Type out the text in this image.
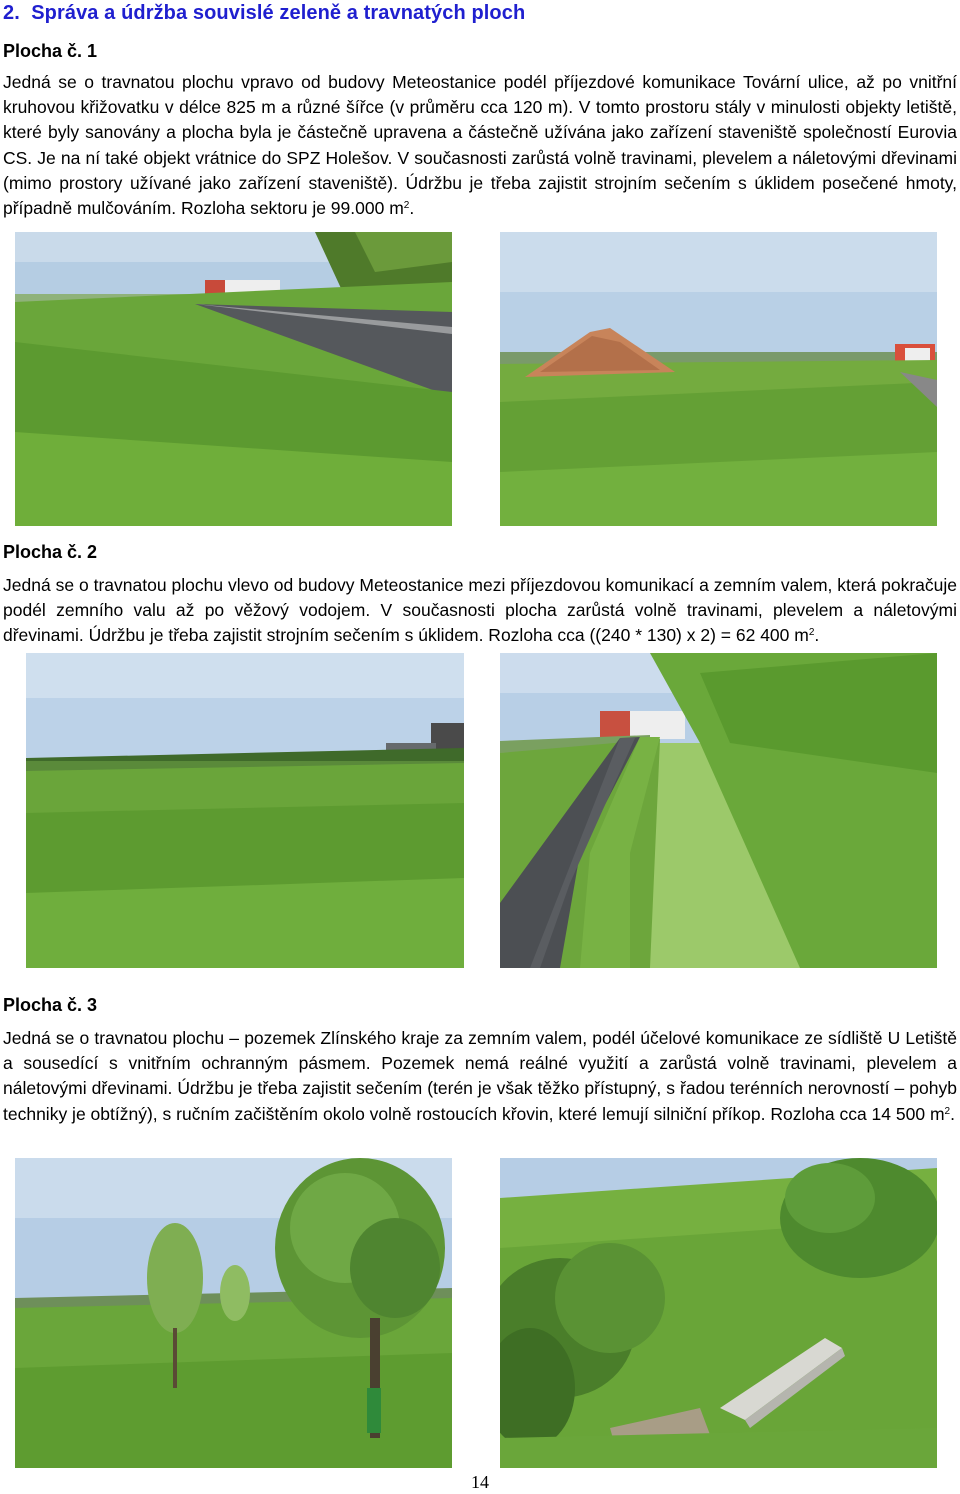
2. Správa a údržba souvislé zeleně a travnatých ploch
Plocha č. 1

Jedná se o travnatou plochu vpravo od budovy Meteostanice podél příjezdové komunikace Tovární ulice, až po vnitřní kruhovou křižovatku v délce 825 m a různé šířce (v průměru cca 120 m). V tomto prostoru stály v minulosti objekty letiště, které byly sanovány a plocha byla je částečně upravena a částečně užívána jako zařízení staveniště společností Eurovia CS. Je na ní také objekt vrátnice do SPZ Holešov. V současnosti zarůstá volně travinami, plevelem a náletovými dřevinami (mimo prostory užívané jako zařízení staveniště). Údržbu je třeba zajistit strojním sečením s úklidem posečené hmoty, případně mulčováním. Rozloha sektoru je 99.000 $m^2$.

Plocha č. 2

Jedná se o travnatou plochu vlevo od budovy Meteostanice mezi příjezdovou komunikací a zemním valem, která pokračuje podél zemního valu až po věžový vodojem. V současnosti plocha zarůstá volně travinami, plevelem a náletovými dřevinami. Údržbu je třeba zajistit strojním sečením s úklidem. Rozloha cca ((240 * 130) x 2) = 62 400 $m^2$.

Plocha č. 3

Jedná se o travnatou plochu – pozemek Zlínského kraje za zemním valem, podél účelové komunikace ze sídliště U Letiště a sousedící s vnitřním ochranným pásmem. Pozemek nemá reálné využití a zarůstá volně travinami, plevelem a náletovými dřevinami. Údržbu je třeba zajistit sečením (terén je však těžko přístupný, s řadou terénních nerovností – pohyb techniky je obtížný), s ručním začištěním okolo volně rostoucích křovin, které lemují silniční příkop. Rozloha cca 14 500 $m^2$.

14
